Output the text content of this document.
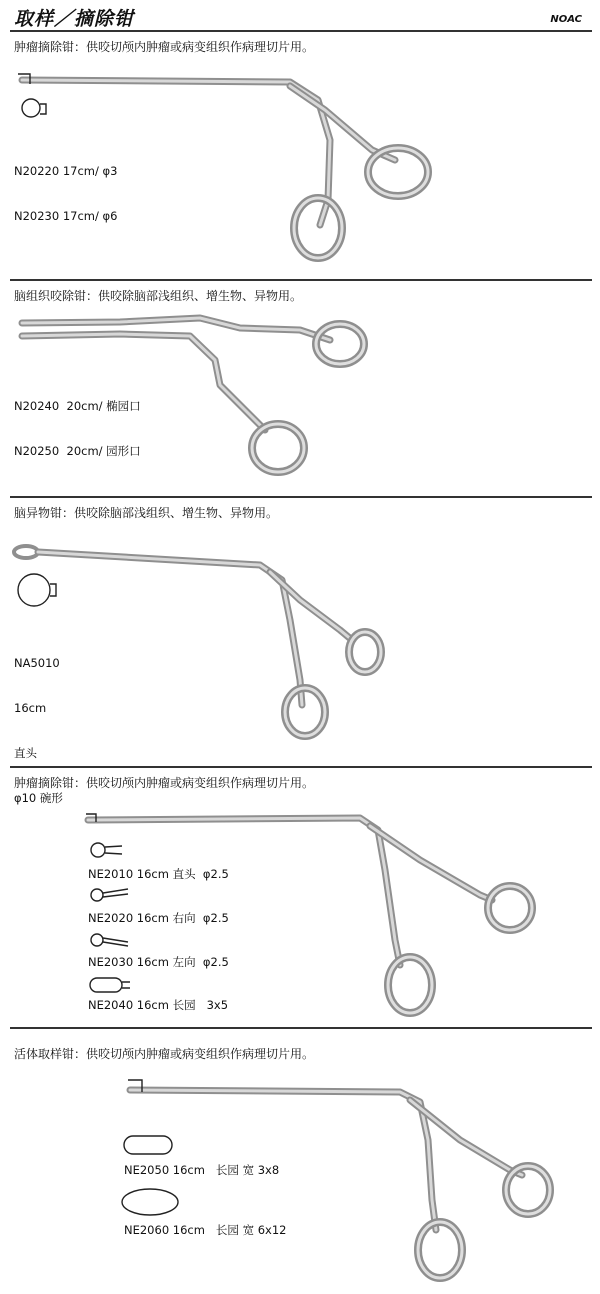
取样／摘除钳	NOAC
肿瘤摘除钳：供咬切颅内肿瘤或病变组织作病理切片用。

N20220 17cm/ φ3

N20230 17cm/ φ6

脑组织咬除钳：供咬除脑部浅组织、增生物、异物用。

N20240  20cm/ 椭园口

N20250  20cm/ 园形口

脑异物钳：供咬除脑部浅组织、增生物、异物用。

NA5010

16cm

直头

φ10 碗形

肿瘤摘除钳：供咬切颅内肿瘤或病变组织作病理切片用。
NE2010 16cm 直头  φ2.5
NE2020 16cm 右向  φ2.5
NE2030 16cm 左向  φ2.5
NE2040 16cm 长园   3x5
活体取样钳：供咬切颅内肿瘤或病变组织作病理切片用。
NE2050 16cm   长园 宽 3x8
NE2060 16cm   长园 宽 6x12
